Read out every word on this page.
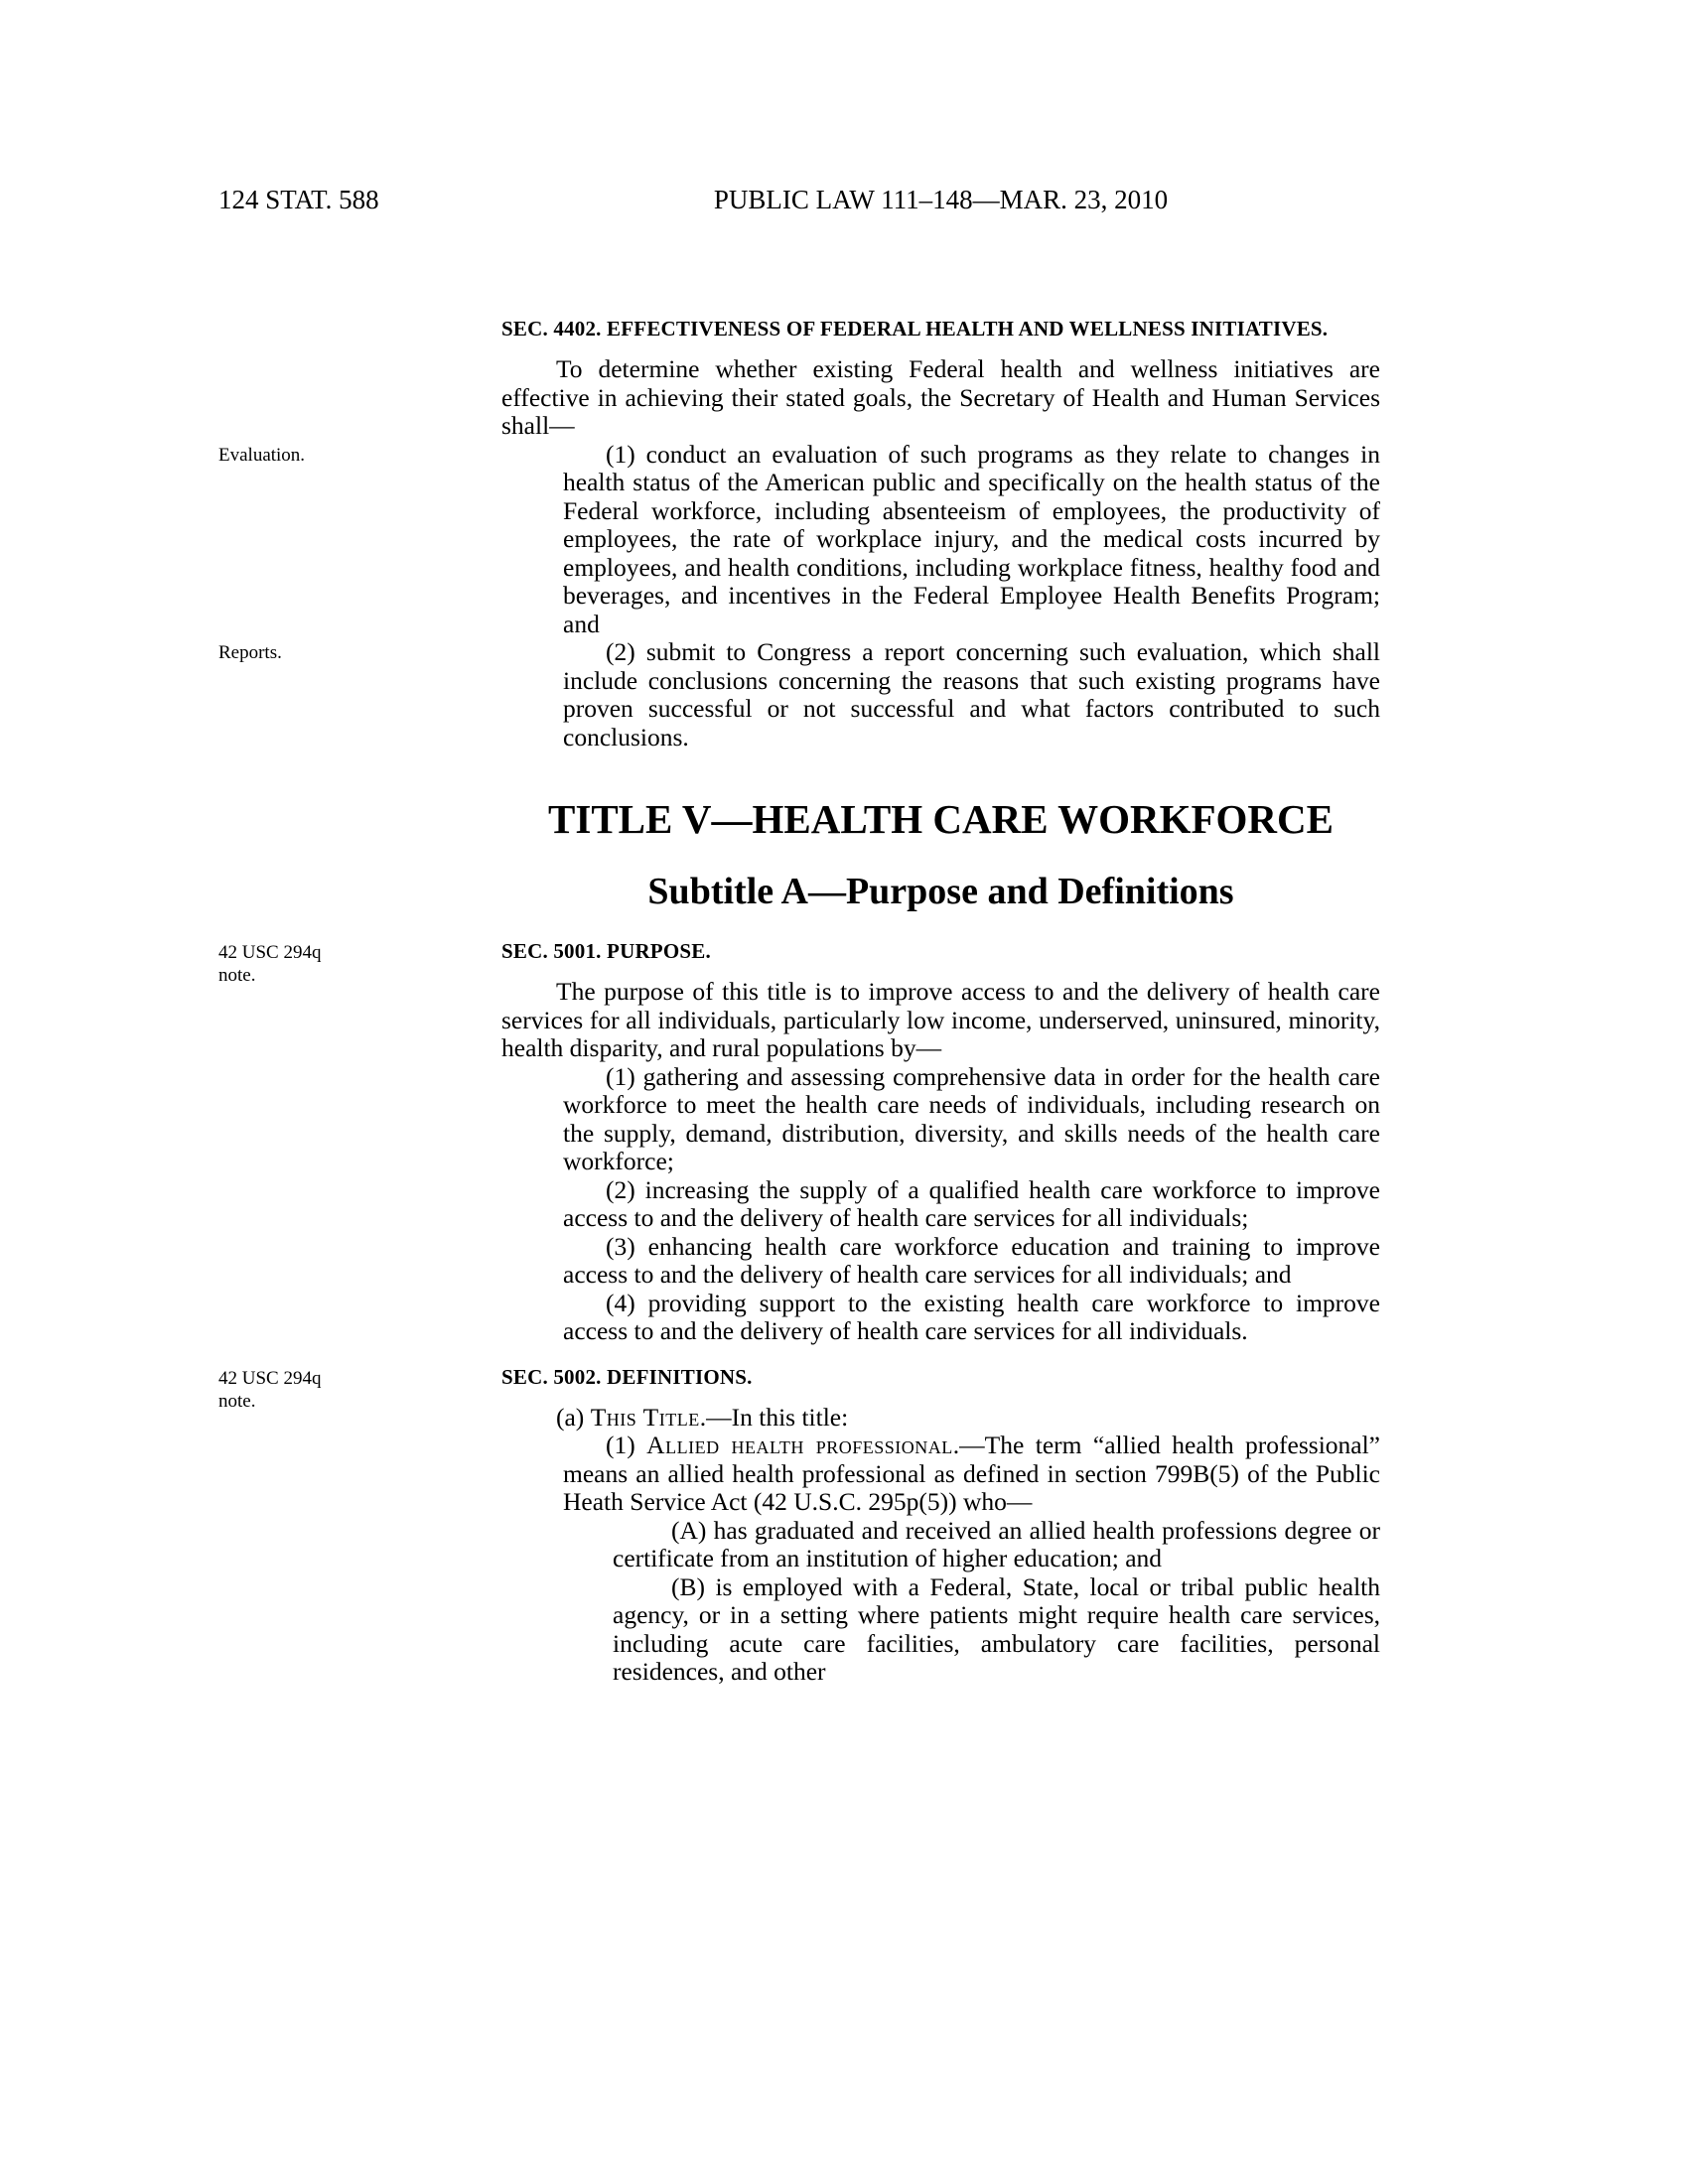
124 STAT. 588	PUBLIC LAW 111–148—MAR. 23, 2010
SEC. 4402. EFFECTIVENESS OF FEDERAL HEALTH AND WELLNESS INITIATIVES.

To determine whether existing Federal health and wellness initiatives are effective in achieving their stated goals, the Secretary of Health and Human Services shall—

Evaluation.	(1) conduct an evaluation of such programs as they relate to changes in health status of the American public and specifically on the health status of the Federal workforce, including absenteeism of employees, the productivity of employees, the rate of workplace injury, and the medical costs incurred by employees, and health conditions, including workplace fitness, healthy food and beverages, and incentives in the Federal Employee Health Benefits Program; and

Reports.	(2) submit to Congress a report concerning such evaluation, which shall include conclusions concerning the reasons that such existing programs have proven successful or not successful and what factors contributed to such conclusions.

TITLE V—HEALTH CARE WORKFORCE
Subtitle A—Purpose and Definitions
42 USC 294q note.
SEC. 5001. PURPOSE.

The purpose of this title is to improve access to and the delivery of health care services for all individuals, particularly low income, underserved, uninsured, minority, health disparity, and rural populations by—

(1) gathering and assessing comprehensive data in order for the health care workforce to meet the health care needs of individuals, including research on the supply, demand, distribution, diversity, and skills needs of the health care workforce;

(2) increasing the supply of a qualified health care workforce to improve access to and the delivery of health care services for all individuals;

(3) enhancing health care workforce education and training to improve access to and the delivery of health care services for all individuals; and

(4) providing support to the existing health care workforce to improve access to and the delivery of health care services for all individuals.

42 USC 294q note.
SEC. 5002. DEFINITIONS.

(a) This Title.—In this title:

(1) Allied health professional.—The term “allied health professional” means an allied health professional as defined in section 799B(5) of the Public Heath Service Act (42 U.S.C. 295p(5)) who—

(A) has graduated and received an allied health professions degree or certificate from an institution of higher education; and

(B) is employed with a Federal, State, local or tribal public health agency, or in a setting where patients might require health care services, including acute care facilities, ambulatory care facilities, personal residences, and other
